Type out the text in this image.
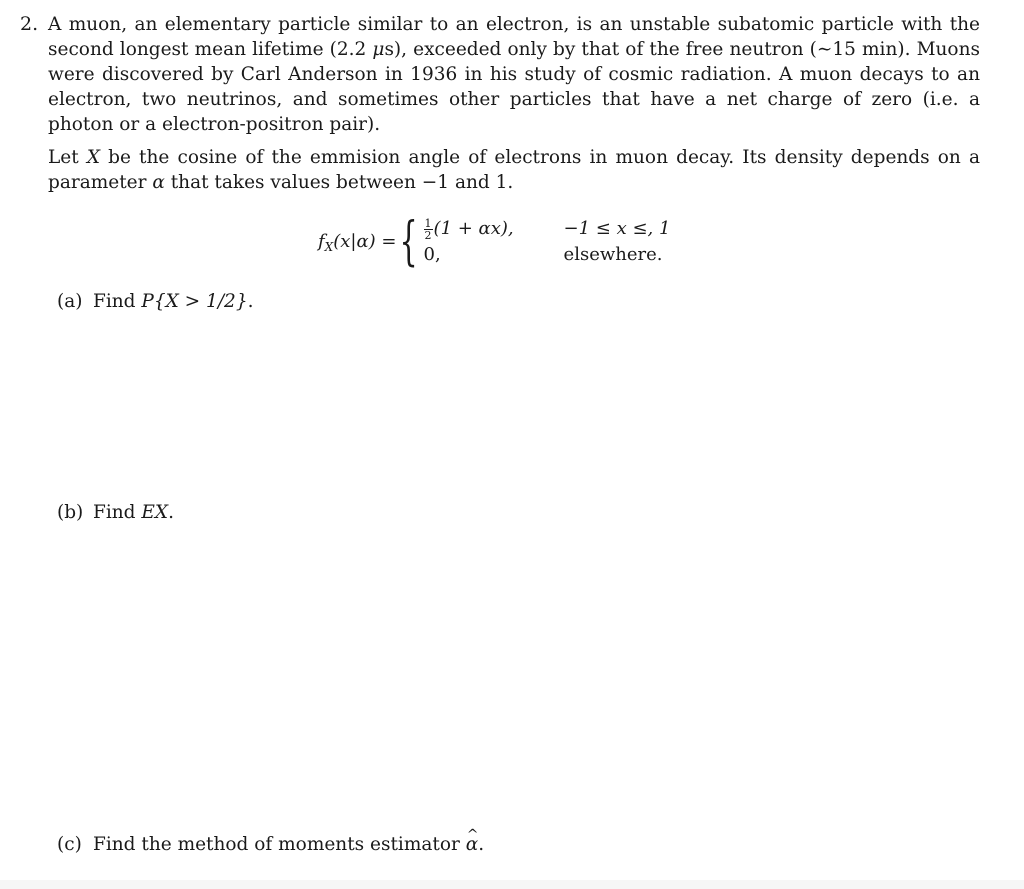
2. A muon, an elementary particle similar to an electron, is an unstable subatomic particle with the second longest mean lifetime (2.2 μs), exceeded only by that of the free neutron (∼15 min). Muons were discovered by Carl Anderson in 1936 in his study of cosmic radiation. A muon decays to an electron, two neutrinos, and sometimes other particles that have a net charge of zero (i.e. a photon or a electron-positron pair).

Let X be the cosine of the emmision angle of electrons in muon decay. Its density depends on a parameter α that takes values between −1 and 1.

$f_X(x|\alpha)$ = { $\frac{1}{2} (1 + \alpha x)$,	−1 ≤ x ≤, 1
0,	elsewhere.
(a) Find P{X > 1/2}.
(b) Find EX.
(c) Find the method of moments estimator ^ α.
